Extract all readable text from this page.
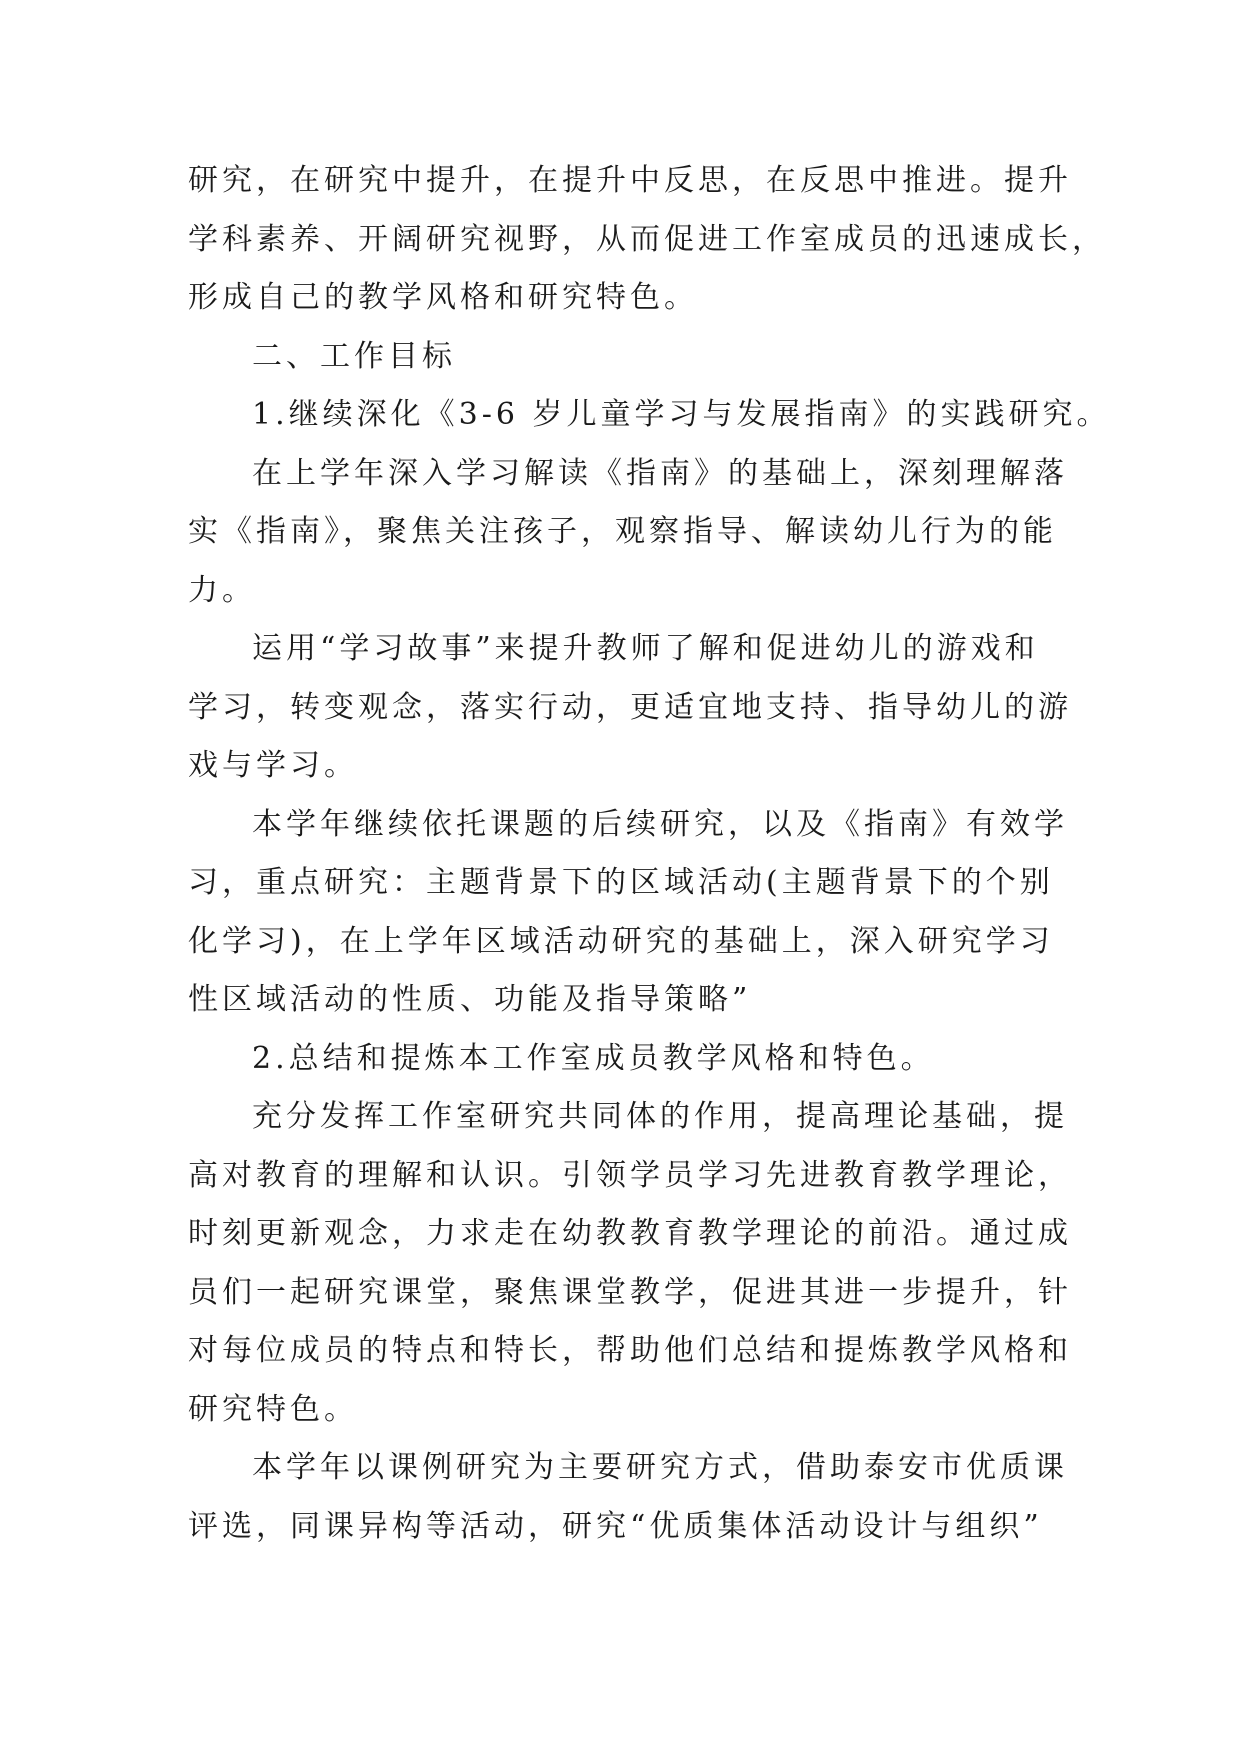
研究，在研究中提升，在提升中反思，在反思中推进。提升
学科素养、开阔研究视野，从而促进工作室成员的迅速成长，
形成自己的教学风格和研究特色。
二、工作目标
1.继续深化《3-6 岁儿童学习与发展指南》的实践研究。
在上学年深入学习解读《指南》的基础上，深刻理解落
实《指南》，聚焦关注孩子，观察指导、解读幼儿行为的能
力。
运用“学习故事”来提升教师了解和促进幼儿的游戏和
学习，转变观念，落实行动，更适宜地支持、指导幼儿的游
戏与学习。
本学年继续依托课题的后续研究，以及《指南》有效学
习，重点研究：主题背景下的区域活动(主题背景下的个别
化学习)，在上学年区域活动研究的基础上，深入研究学习
性区域活动的性质、功能及指导策略”
2.总结和提炼本工作室成员教学风格和特色。
充分发挥工作室研究共同体的作用，提高理论基础，提
高对教育的理解和认识。引领学员学习先进教育教学理论，
时刻更新观念，力求走在幼教教育教学理论的前沿。通过成
员们一起研究课堂，聚焦课堂教学，促进其进一步提升，针
对每位成员的特点和特长，帮助他们总结和提炼教学风格和
研究特色。
本学年以课例研究为主要研究方式，借助泰安市优质课
评选，同课异构等活动，研究“优质集体活动设计与组织”
